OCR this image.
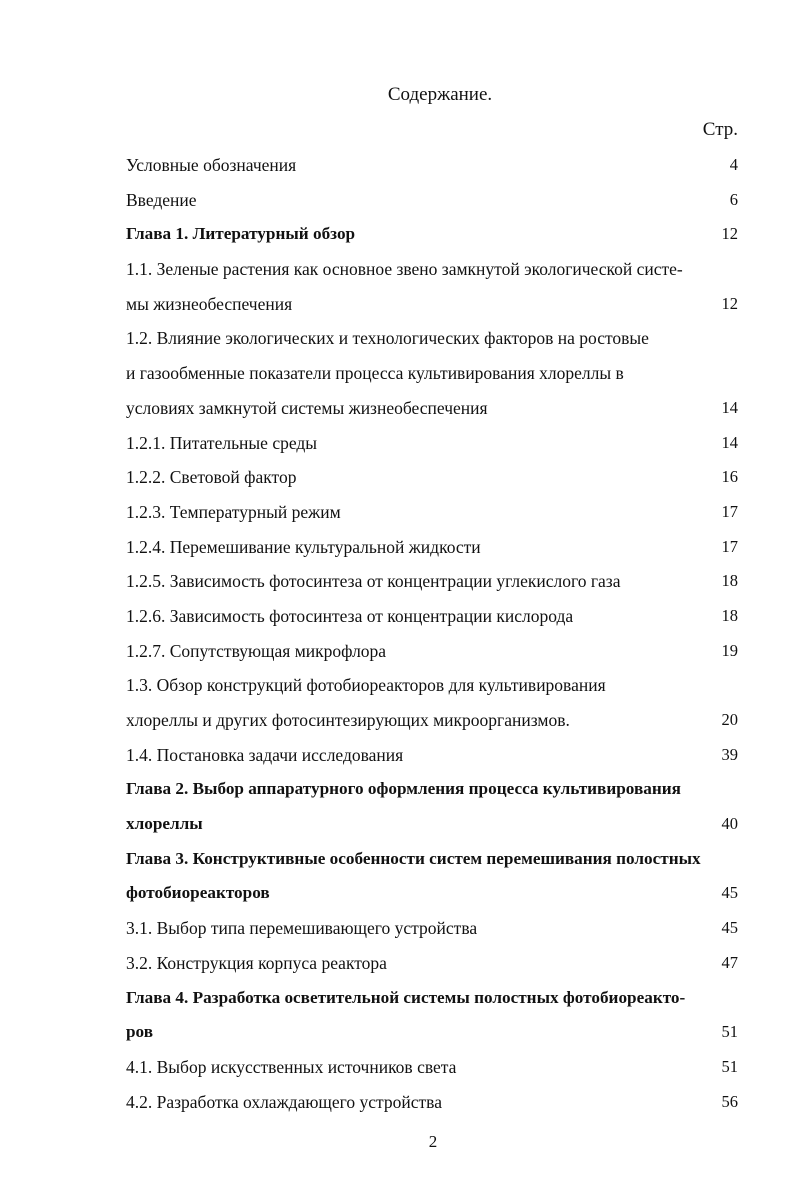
Содержание.
Стр.
Условные обозначения	4
Введение	6
Глава 1. Литературный обзор	12
1.1. Зеленые растения как основное звено замкнутой экологической систе-
мы жизнеобеспечения	12
1.2. Влияние экологических и технологических факторов на ростовые
и газообменные показатели процесса культивирования хлореллы в
условиях замкнутой системы жизнеобеспечения	14
1.2.1. Питательные среды	14
1.2.2. Световой фактор	16
1.2.3. Температурный режим	17
1.2.4. Перемешивание культуральной жидкости	17
1.2.5. Зависимость фотосинтеза от концентрации углекислого газа	18
1.2.6. Зависимость фотосинтеза от концентрации кислорода	18
1.2.7. Сопутствующая микрофлора	19
1.3. Обзор конструкций фотобиореакторов для культивирования
хлореллы и других фотосинтезирующих микроорганизмов.	20
1.4. Постановка задачи исследования	39
Глава 2. Выбор аппаратурного оформления процесса культивирования
хлореллы	40
Глава 3. Конструктивные особенности систем перемешивания полостных
фотобиореакторов	45
3.1. Выбор типа перемешивающего устройства	45
3.2. Конструкция корпуса реактора	47
Глава 4. Разработка осветительной системы полостных фотобиореакто-
ров	51
4.1. Выбор искусственных источников света	51
4.2. Разработка охлаждающего устройства	56
2
